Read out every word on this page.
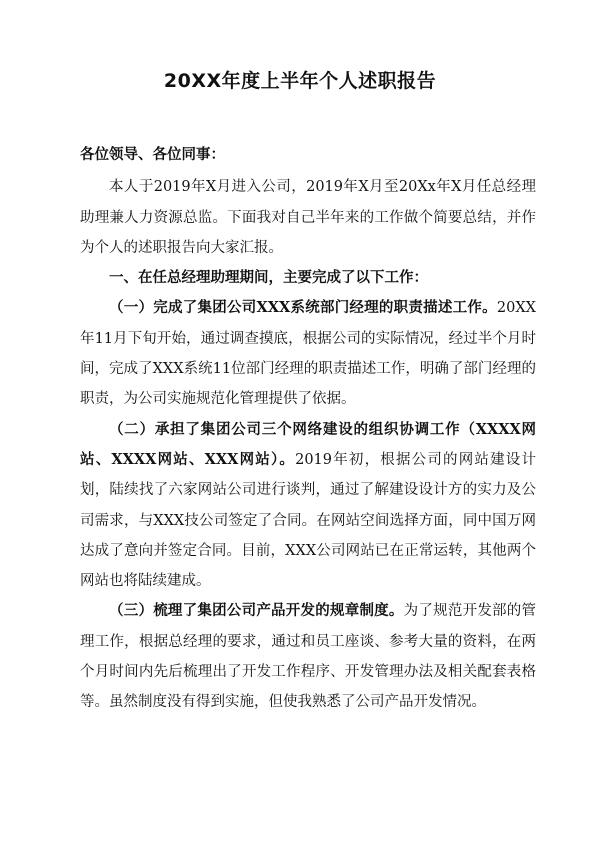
20XX年度上半年个人述职报告

各位领导、各位同事：

本人于2019年X月进入公司，2019年X月至20Xx年X月任总经理助理兼人力资源总监。下面我对自己半年来的工作做个简要总结，并作为个人的述职报告向大家汇报。

一、在任总经理助理期间，主要完成了以下工作：

（一）完成了集团公司XXX系统部门经理的职责描述工作。20XX年11月下旬开始，通过调查摸底，根据公司的实际情况，经过半个月时间，完成了XXX系统11位部门经理的职责描述工作，明确了部门经理的职责，为公司实施规范化管理提供了依据。

（二）承担了集团公司三个网络建设的组织协调工作（XXXX网站、XXXX网站、XXX网站）。2019年初，根据公司的网站建设计划，陆续找了六家网站公司进行谈判，通过了解建设设计方的实力及公司需求，与XXX技公司签定了合同。在网站空间选择方面，同中国万网达成了意向并签定合同。目前，XXX公司网站已在正常运转，其他两个网站也将陆续建成。

（三）梳理了集团公司产品开发的规章制度。为了规范开发部的管理工作，根据总经理的要求，通过和员工座谈、参考大量的资料，在两个月时间内先后梳理出了开发工作程序、开发管理办法及相关配套表格等。虽然制度没有得到实施，但使我熟悉了公司产品开发情况。
